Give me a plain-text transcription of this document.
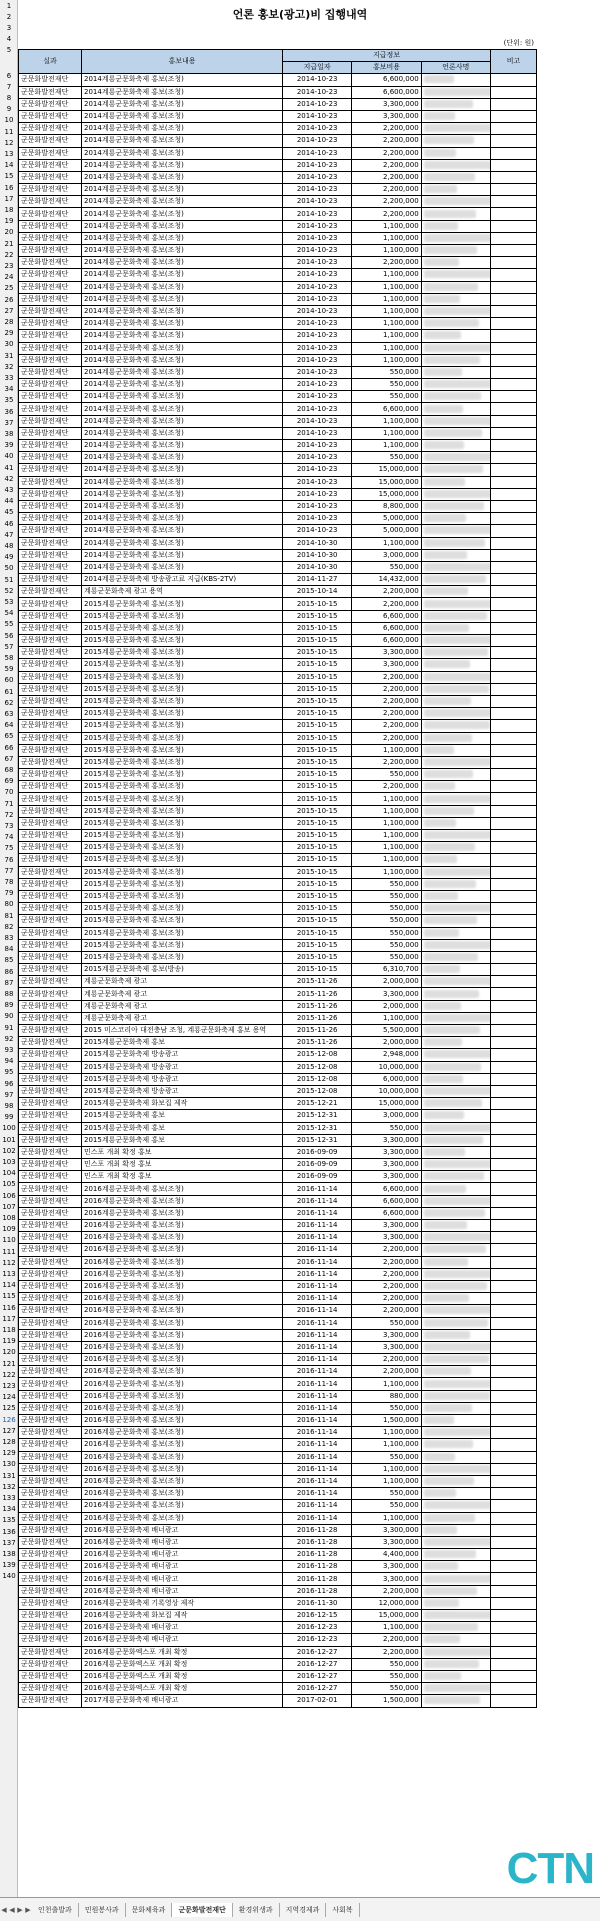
언론 홍보(광고)비 집행내역
(단위: 원)
1
2
3
4
5
실과	홍보내용	지급정보			비고
		지급일자	홍보비용	언론사명	
군문화발전재단	2014계룡군문화축제 홍보(조청)	2014-10-23	6,600,000		
군문화발전재단	2014계룡군문화축제 홍보(조청)	2014-10-23	6,600,000		
군문화발전재단	2014계룡군문화축제 홍보(조청)	2014-10-23	3,300,000		
군문화발전재단	2014계룡군문화축제 홍보(조청)	2014-10-23	3,300,000		
군문화발전재단	2014계룡군문화축제 홍보(조청)	2014-10-23	2,200,000		
군문화발전재단	2014계룡군문화축제 홍보(조청)	2014-10-23	2,200,000		
군문화발전재단	2014계룡군문화축제 홍보(조청)	2014-10-23	2,200,000		
군문화발전재단	2014계룡군문화축제 홍보(조청)	2014-10-23	2,200,000		
군문화발전재단	2014계룡군문화축제 홍보(조청)	2014-10-23	2,200,000		
군문화발전재단	2014계룡군문화축제 홍보(조청)	2014-10-23	2,200,000		
군문화발전재단	2014계룡군문화축제 홍보(조청)	2014-10-23	2,200,000		
군문화발전재단	2014계룡군문화축제 홍보(조청)	2014-10-23	2,200,000		
군문화발전재단	2014계룡군문화축제 홍보(조청)	2014-10-23	1,100,000		
군문화발전재단	2014계룡군문화축제 홍보(조청)	2014-10-23	1,100,000		
군문화발전재단	2014계룡군문화축제 홍보(조청)	2014-10-23	1,100,000		
군문화발전재단	2014계룡군문화축제 홍보(조청)	2014-10-23	2,200,000		
군문화발전재단	2014계룡군문화축제 홍보(조청)	2014-10-23	1,100,000		
군문화발전재단	2014계룡군문화축제 홍보(조청)	2014-10-23	1,100,000		
군문화발전재단	2014계룡군문화축제 홍보(조청)	2014-10-23	1,100,000		
군문화발전재단	2014계룡군문화축제 홍보(조청)	2014-10-23	1,100,000		
군문화발전재단	2014계룡군문화축제 홍보(조청)	2014-10-23	1,100,000		
군문화발전재단	2014계룡군문화축제 홍보(조청)	2014-10-23	1,100,000		
군문화발전재단	2014계룡군문화축제 홍보(조청)	2014-10-23	1,100,000		
군문화발전재단	2014계룡군문화축제 홍보(조청)	2014-10-23	1,100,000		
군문화발전재단	2014계룡군문화축제 홍보(조청)	2014-10-23	550,000		
군문화발전재단	2014계룡군문화축제 홍보(조청)	2014-10-23	550,000		
군문화발전재단	2014계룡군문화축제 홍보(조청)	2014-10-23	550,000		
군문화발전재단	2014계룡군문화축제 홍보(조청)	2014-10-23	6,600,000		
군문화발전재단	2014계룡군문화축제 홍보(조청)	2014-10-23	1,100,000		
군문화발전재단	2014계룡군문화축제 홍보(조청)	2014-10-23	1,100,000		
군문화발전재단	2014계룡군문화축제 홍보(조청)	2014-10-23	1,100,000		
군문화발전재단	2014계룡군문화축제 홍보(조청)	2014-10-23	550,000		
군문화발전재단	2014계룡군문화축제 홍보(조청)	2014-10-23	15,000,000		
군문화발전재단	2014계룡군문화축제 홍보(조청)	2014-10-23	15,000,000		
군문화발전재단	2014계룡군문화축제 홍보(조청)	2014-10-23	15,000,000		
군문화발전재단	2014계룡군문화축제 홍보(조청)	2014-10-23	8,800,000		
군문화발전재단	2014계룡군문화축제 홍보(조청)	2014-10-23	5,000,000		
군문화발전재단	2014계룡군문화축제 홍보(조청)	2014-10-23	5,000,000		
군문화발전재단	2014계룡군문화축제 홍보(조청)	2014-10-30	1,100,000		
군문화발전재단	2014계룡군문화축제 홍보(조청)	2014-10-30	3,000,000		
군문화발전재단	2014계룡군문화축제 홍보(조청)	2014-10-30	550,000		
군문화발전재단	2014계룡군문화축제 방송광고료 지급(KBS-2TV)	2014-11-27	14,432,000		
군문화발전재단	계룡군문화축제 광고 용역	2015-10-14	2,200,000		
군문화발전재단	2015계룡군문화축제 홍보(조청)	2015-10-15	2,200,000		
군문화발전재단	2015계룡군문화축제 홍보(조청)	2015-10-15	6,600,000		
군문화발전재단	2015계룡군문화축제 홍보(조청)	2015-10-15	6,600,000		
군문화발전재단	2015계룡군문화축제 홍보(조청)	2015-10-15	6,600,000		
군문화발전재단	2015계룡군문화축제 홍보(조청)	2015-10-15	3,300,000		
군문화발전재단	2015계룡군문화축제 홍보(조청)	2015-10-15	3,300,000		
군문화발전재단	2015계룡군문화축제 홍보(조청)	2015-10-15	2,200,000		
군문화발전재단	2015계룡군문화축제 홍보(조청)	2015-10-15	2,200,000		
군문화발전재단	2015계룡군문화축제 홍보(조청)	2015-10-15	2,200,000		
군문화발전재단	2015계룡군문화축제 홍보(조청)	2015-10-15	2,200,000		
군문화발전재단	2015계룡군문화축제 홍보(조청)	2015-10-15	2,200,000		
군문화발전재단	2015계룡군문화축제 홍보(조청)	2015-10-15	2,200,000		
군문화발전재단	2015계룡군문화축제 홍보(조청)	2015-10-15	1,100,000		
군문화발전재단	2015계룡군문화축제 홍보(조청)	2015-10-15	2,200,000		
군문화발전재단	2015계룡군문화축제 홍보(조청)	2015-10-15	550,000		
군문화발전재단	2015계룡군문화축제 홍보(조청)	2015-10-15	2,200,000		
군문화발전재단	2015계룡군문화축제 홍보(조청)	2015-10-15	1,100,000		
군문화발전재단	2015계룡군문화축제 홍보(조청)	2015-10-15	1,100,000		
군문화발전재단	2015계룡군문화축제 홍보(조청)	2015-10-15	1,100,000		
군문화발전재단	2015계룡군문화축제 홍보(조청)	2015-10-15	1,100,000		
군문화발전재단	2015계룡군문화축제 홍보(조청)	2015-10-15	1,100,000		
군문화발전재단	2015계룡군문화축제 홍보(조청)	2015-10-15	1,100,000		
군문화발전재단	2015계룡군문화축제 홍보(조청)	2015-10-15	1,100,000		
군문화발전재단	2015계룡군문화축제 홍보(조청)	2015-10-15	550,000		
군문화발전재단	2015계룡군문화축제 홍보(조청)	2015-10-15	550,000		
군문화발전재단	2015계룡군문화축제 홍보(조청)	2015-10-15	550,000		
군문화발전재단	2015계룡군문화축제 홍보(조청)	2015-10-15	550,000		
군문화발전재단	2015계룡군문화축제 홍보(조청)	2015-10-15	550,000		
군문화발전재단	2015계룡군문화축제 홍보(조청)	2015-10-15	550,000		
군문화발전재단	2015계룡군문화축제 홍보(조청)	2015-10-15	550,000		
군문화발전재단	2015계룡군문화축제 홍보(방송)	2015-10-15	6,310,700		
군문화발전재단	계룡군문화축제 광고	2015-11-26	2,000,000		
군문화발전재단	계룡군문화축제 광고	2015-11-26	3,300,000		
군문화발전재단	계룡군문화축제 광고	2015-11-26	2,000,000		
군문화발전재단	계룡군문화축제 광고	2015-11-26	1,100,000		
군문화발전재단	2015 미스코리아 대전충남 조청, 계룡군문화축제 홍보 용역	2015-11-26	5,500,000		
군문화발전재단	2015계룡군문화축제 홍보	2015-11-26	2,000,000		
군문화발전재단	2015계룡군문화축제 방송광고	2015-12-08	2,948,000		
군문화발전재단	2015계룡군문화축제 방송광고	2015-12-08	10,000,000		
군문화발전재단	2015계룡군문화축제 방송광고	2015-12-08	6,000,000		
군문화발전재단	2015계룡군문화축제 방송광고	2015-12-08	10,000,000		
군문화발전재단	2015계룡군문화축제 화보집 제작	2015-12-21	15,000,000		
군문화발전재단	2015계룡군문화축제 홍보	2015-12-31	3,000,000		
군문화발전재단	2015계룡군문화축제 홍보	2015-12-31	550,000		
군문화발전재단	2015계룡군문화축제 홍보	2015-12-31	3,300,000		
군문화발전재단	민스포 개최 확정 홍보	2016-09-09	3,300,000		
군문화발전재단	민스포 개최 확정 홍보	2016-09-09	3,300,000		
군문화발전재단	민스포 개최 확정 홍보	2016-09-09	3,300,000		
군문화발전재단	2016계룡군문화축제 홍보(조청)	2016-11-14	6,600,000		
군문화발전재단	2016계룡군문화축제 홍보(조청)	2016-11-14	6,600,000		
군문화발전재단	2016계룡군문화축제 홍보(조청)	2016-11-14	6,600,000		
군문화발전재단	2016계룡군문화축제 홍보(조청)	2016-11-14	3,300,000		
군문화발전재단	2016계룡군문화축제 홍보(조청)	2016-11-14	3,300,000		
군문화발전재단	2016계룡군문화축제 홍보(조청)	2016-11-14	2,200,000		
군문화발전재단	2016계룡군문화축제 홍보(조청)	2016-11-14	2,200,000		
군문화발전재단	2016계룡군문화축제 홍보(조청)	2016-11-14	2,200,000		
군문화발전재단	2016계룡군문화축제 홍보(조청)	2016-11-14	2,200,000		
군문화발전재단	2016계룡군문화축제 홍보(조청)	2016-11-14	2,200,000		
군문화발전재단	2016계룡군문화축제 홍보(조청)	2016-11-14	2,200,000		
군문화발전재단	2016계룡군문화축제 홍보(조청)	2016-11-14	550,000		
군문화발전재단	2016계룡군문화축제 홍보(조청)	2016-11-14	3,300,000		
군문화발전재단	2016계룡군문화축제 홍보(조청)	2016-11-14	3,300,000		
군문화발전재단	2016계룡군문화축제 홍보(조청)	2016-11-14	2,200,000		
군문화발전재단	2016계룡군문화축제 홍보(조청)	2016-11-14	2,200,000		
군문화발전재단	2016계룡군문화축제 홍보(조청)	2016-11-14	1,100,000		
군문화발전재단	2016계룡군문화축제 홍보(조청)	2016-11-14	880,000		
군문화발전재단	2016계룡군문화축제 홍보(조청)	2016-11-14	550,000		
군문화발전재단	2016계룡군문화축제 홍보(조청)	2016-11-14	1,500,000		
군문화발전재단	2016계룡군문화축제 홍보(조청)	2016-11-14	1,100,000		
군문화발전재단	2016계룡군문화축제 홍보(조청)	2016-11-14	1,100,000		
군문화발전재단	2016계룡군문화축제 홍보(조청)	2016-11-14	550,000		
군문화발전재단	2016계룡군문화축제 홍보(조청)	2016-11-14	1,100,000		
군문화발전재단	2016계룡군문화축제 홍보(조청)	2016-11-14	1,100,000		
군문화발전재단	2016계룡군문화축제 홍보(조청)	2016-11-14	550,000		
군문화발전재단	2016계룡군문화축제 홍보(조청)	2016-11-14	550,000		
군문화발전재단	2016계룡군문화축제 홍보(조청)	2016-11-14	1,100,000		
군문화발전재단	2016계룡군문화축제 배너광고	2016-11-28	3,300,000		
군문화발전재단	2016계룡군문화축제 배너광고	2016-11-28	3,300,000		
군문화발전재단	2016계룡군문화축제 배너광고	2016-11-28	4,400,000		
군문화발전재단	2016계룡군문화축제 배너광고	2016-11-28	3,300,000		
군문화발전재단	2016계룡군문화축제 배너광고	2016-11-28	3,300,000		
군문화발전재단	2016계룡군문화축제 배너광고	2016-11-28	2,200,000		
군문화발전재단	2016계룡군문화축제 기록영상 제작	2016-11-30	12,000,000		
군문화발전재단	2016계룡군문화축제 화보집 제작	2016-12-15	15,000,000		
군문화발전재단	2016계룡군문화축제 배너광고	2016-12-23	1,100,000		
군문화발전재단	2016계룡군문화축제 배너광고	2016-12-23	2,200,000		
군문화발전재단	2016계룡군문화엑스포 개최 확정	2016-12-27	2,200,000		
군문화발전재단	2016계룡군문화엑스포 개최 확정	2016-12-27	550,000		
군문화발전재단	2016계룡군문화엑스포 개최 확정	2016-12-27	550,000		
군문화발전재단	2016계룡군문화엑스포 개최 확정	2016-12-27	550,000		
군문화발전재단	2017계룡군문화축제 배너광고	2017-02-01	1,500,000		
6
7
8
9
10
11
12
13
14
15
16
17
18
19
20
21
22
23
24
25
26
27
28
29
30
31
32
33
34
35
36
37
38
39
40
41
42
43
44
45
46
47
48
49
50
51
52
53
54
55
56
57
58
59
60
61
62
63
64
65
66
67
68
69
70
71
72
73
74
75
76
77
78
79
80
81
82
83
84
85
86
87
88
89
90
91
92
93
94
95
96
97
98
99
100
101
102
103
104
105
106
107
108
109
110
111
112
113
114
115
116
117
118
119
120
121
122
123
124
125
126
127
128
129
130
131
132
133
134
135
136
137
138
139
140
CTN
◀ ◀ ▶ ▶	인천출발과	민원봉사과	문화체육과	군문화발전재단	환경위생과	지역경제과	사회복
